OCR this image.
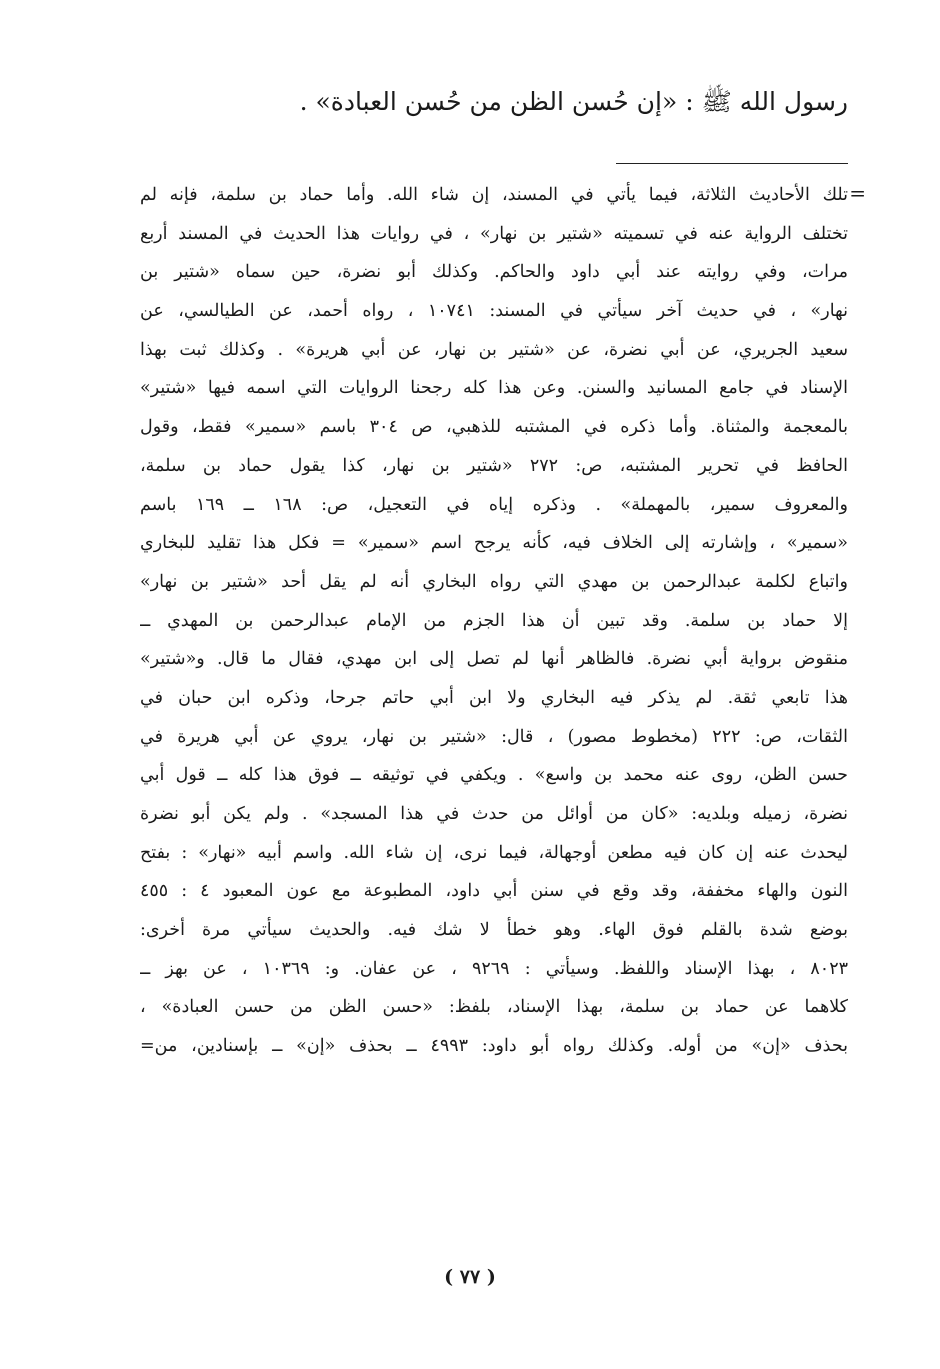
رسول الله ﷺ : «إن حُسن الظن من حُسن العبادة» .
=
تلك الأحاديث الثلاثة، فيما يأتي في المسند، إن شاء الله. وأما حماد بن سلمة، فإنه لم
تختلف الرواية عنه في تسميته «شتير بن نهار» ، في روايات هذا الحديث في المسند أربع
مرات، وفي روايته عند أبي داود والحاكم. وكذلك أبو نضرة، حين سماه «شتير بن
نهار» ، في حديث آخر سيأتي في المسند: ١٠٧٤١ ، رواه أحمد، عن الطيالسي، عن
سعيد الجريري، عن أبي نضرة، عن «شتير بن نهار، عن أبي هريرة» . وكذلك ثبت بهذا
الإسناد في جامع المسانيد والسنن. وعن هذا كله رجحنا الروايات التي اسمه فيها «شتير»
بالمعجمة والمثناة. وأما ذكره في المشتبه للذهبي، ص ٣٠٤ باسم «سمير» فقط، وقول
الحافظ في تحرير المشتبه، ص: ٢٧٢ «شتير بن نهار، كذا يقول حماد بن سلمة،
والمعروف سمير، بالمهملة» . وذكره إياه في التعجيل، ص: ١٦٨ ــ ١٦٩ باسم
«سمير» ، وإشارته إلى الخلاف فيه، كأنه يرجح اسم «سمير» = فكل هذا تقليد للبخاري
واتباع لكلمة عبدالرحمن بن مهدي التي رواه البخاري أنه لم يقل أحد «شتير بن نهار»
إلا حماد بن سلمة. وقد تبين أن هذا الجزم من الإمام عبدالرحمن بن المهدي ــ
منقوض برواية أبي نضرة. فالظاهر أنها لم تصل إلى ابن مهدي، فقال ما قال. و«شتير»
هذا تابعي ثقة. لم يذكر فيه البخاري ولا ابن أبي حاتم جرحا، وذكره ابن حبان في
الثقات، ص: ٢٢٢ (مخطوط مصور) ، قال: «شتير بن نهار، يروي عن أبي هريرة في
حسن الظن، روى عنه محمد بن واسع» . ويكفي في توثيقه ــ فوق هذا كله ــ قول أبي
نضرة، زميله وبلديه: «كان من أوائل من حدث في هذا المسجد» . ولم يكن أبو نضرة
ليحدث عنه إن كان فيه مطعن أوجهالة، فيما نرى، إن شاء الله. واسم أبيه «نهار» : بفتح
النون والهاء مخففة، وقد وقع في سنن أبي داود، المطبوعة مع عون المعبود ٤ : ٤٥٥
بوضع شدة بالقلم فوق الهاء. وهو خطأ لا شك فيه. والحديث سيأتي مرة أخرى:
٨٠٢٣ ، بهذا الإسناد واللفظ. وسيأتي : ٩٢٦٩ ، عن عفان. و: ١٠٣٦٩ ، عن بهز ــ
كلاهما عن حماد بن سلمة، بهذا الإسناد، بلفظ: «حسن الظن من حسن العبادة» ،
بحذف «إن» من أوله. وكذلك رواه أبو داود: ٤٩٩٣ ــ بحذف «إن» ــ بإسنادين، من=
( ٧٧ )
